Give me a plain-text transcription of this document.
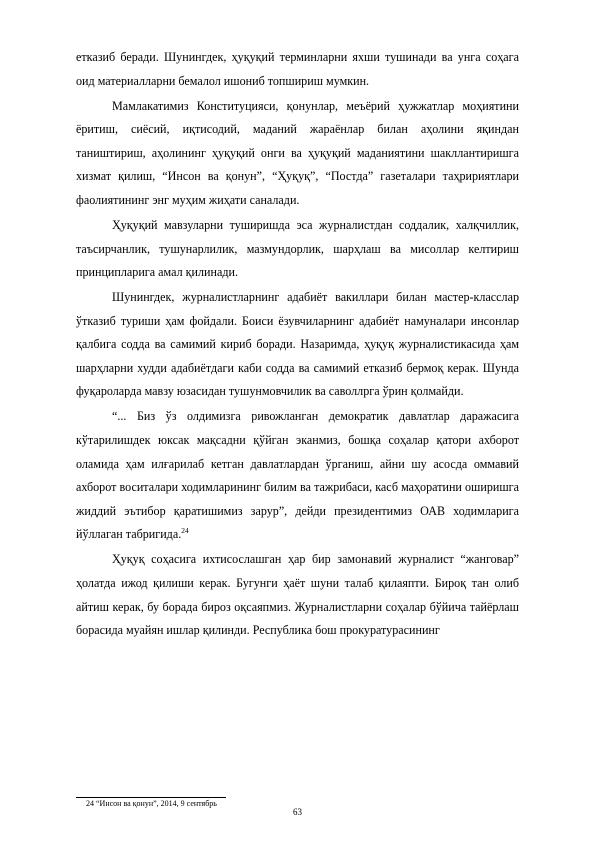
етказиб беради. Шунингдек, ҳуқуқий терминларни яхши тушинади ва унга соҳага оид материалларни бемалол ишониб топшириш мумкин.

Мамлакатимиз Конституцияси, қонунлар, меъёрий ҳужжатлар моҳиятини ёритиш, сиёсий, иқтисодий, маданий жараёнлар билан аҳолини яқиндан таништириш, аҳолининг ҳуқуқий онги ва ҳуқуқий маданиятини шакллантиришга хизмат қилиш, “Инсон ва қонун”, “Ҳуқуқ”, “Постда” газеталари таҳририятлари фаолиятининг энг муҳим жиҳати саналади.

Ҳуқуқий мавзуларни туширишда эса журналистдан соддалик, халқчиллик, таъсирчанлик, тушунарлилик, мазмундорлик, шарҳлаш ва мисоллар келтириш принципларига амал қилинади.

Шунингдек, журналистларнинг адабиёт вакиллари билан мастер-класслар ўтказиб туриши ҳам фойдали. Боиси ёзувчиларнинг адабиёт намуналари инсонлар қалбига содда ва самимий кириб боради. Назаримда, ҳуқуқ журналистикасида ҳам шарҳларни худди адабиётдаги каби содда ва самимий етказиб бермоқ керак. Шунда фуқароларда мавзу юзасидан тушунмовчилик ва саволлрга ўрин қолмайди.

“... Биз ўз олдимизга ривожланган демократик давлатлар даражасига кўтарилишдек юксак мақсадни қўйган эканмиз, бошқа соҳалар қатори ахборот оламида ҳам илғарилаб кетган давлатлардан ўрганиш, айни шу асосда оммавий ахборот воситалари ходимларининг билим ва тажрибаси, касб маҳоратини оширишга жиддий эътибор қаратишимиз зарур”, дейди президентимиз ОАВ ходимларига йўллаган табригида.$^{24}$

Ҳуқуқ соҳасига ихтисослашган ҳар бир замонавий журналист “жанговар” ҳолатда ижод қилиши керак. Бугунги ҳаёт шуни талаб қилаяпти. Бироқ тан олиб айтиш керак, бу борада бироз оқсаяпмиз. Журналистларни соҳалар бўйича тайёрлаш борасида муайян ишлар қилинди. Республика бош прокуратурасининг

24 “Инсон ва қонун”, 2014, 9 сентябрь
63
